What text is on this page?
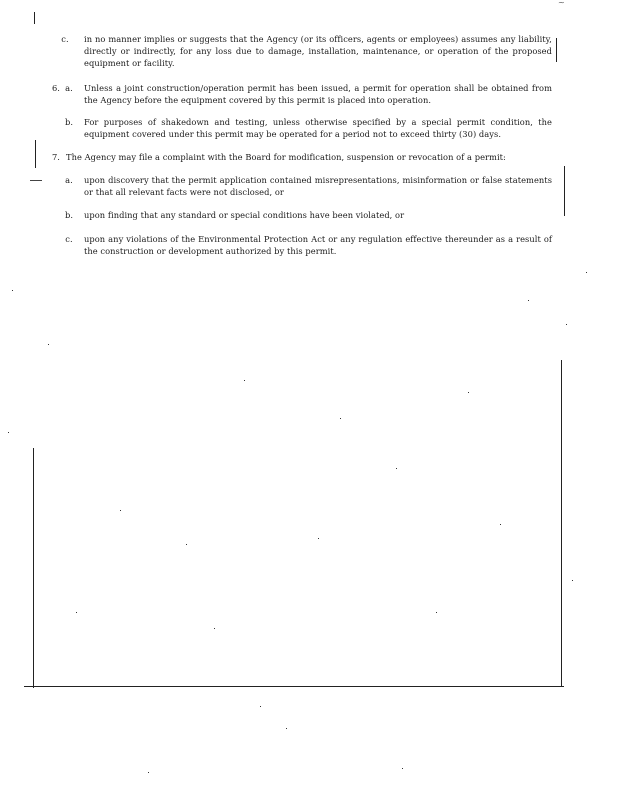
~
c. in no manner implies or suggests that the Agency (or its officers, agents or employees) assumes any liability, directly or indirectly, for any loss due to damage, installation, maintenance, or operation of the proposed equipment or facility.
6. a. Unless a joint construction/operation permit has been issued, a permit for operation shall be obtained from the Agency before the equipment covered by this permit is placed into operation.
b. For purposes of shakedown and testing, unless otherwise specified by a special permit condition, the equipment covered under this permit may be operated for a period not to exceed thirty (30) days.
7. The Agency may file a complaint with the Board for modification, suspension or revocation of a permit:
a. upon discovery that the permit application contained misrepresentations, misinformation or false statements or that all relevant facts were not disclosed, or
b. upon finding that any standard or special conditions have been violated, or
c. upon any violations of the Environmental Protection Act or any regulation effective thereunder as a result of the construction or development authorized by this permit.
